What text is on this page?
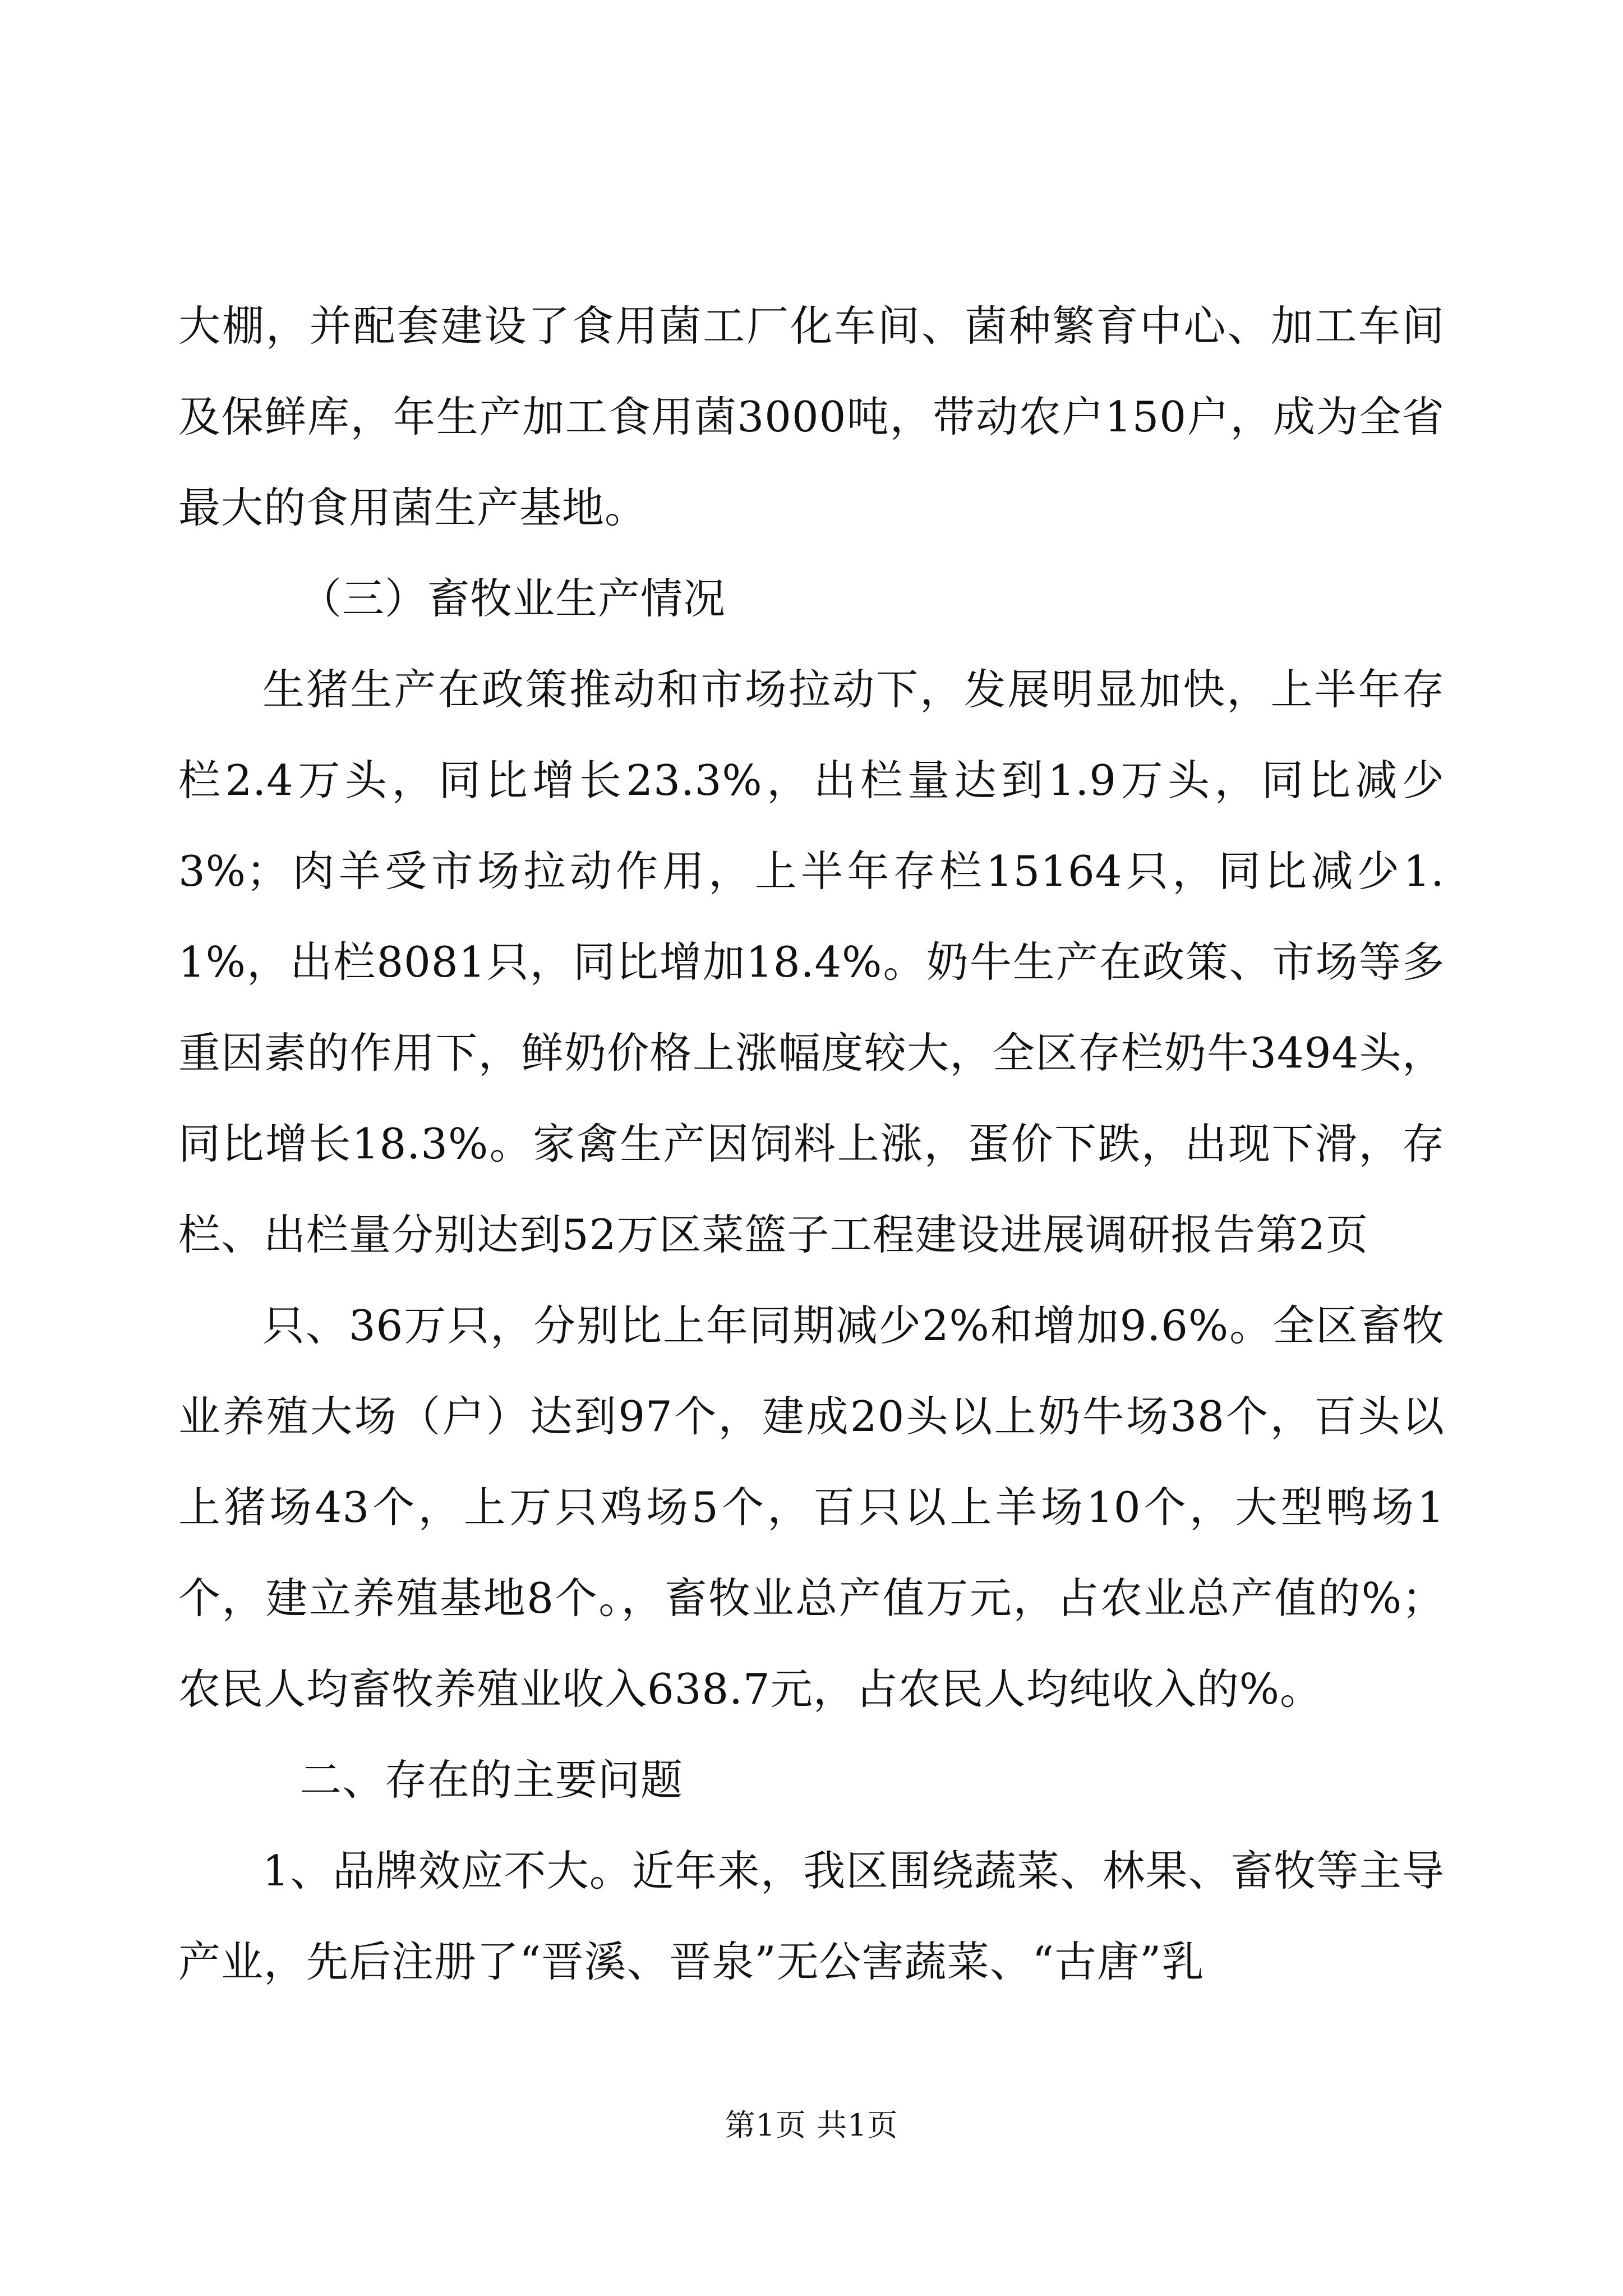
大棚，并配套建设了食用菌工厂化车间、菌种繁育中心、加工车间及保鲜库，年生产加工食用菌3000吨，带动农户150户，成为全省最大的食用菌生产基地。

（三）畜牧业生产情况

生猪生产在政策推动和市场拉动下，发展明显加快，上半年存栏2.4万头，同比增长23.3%，出栏量达到1.9万头，同比减少3%；肉羊受市场拉动作用，上半年存栏15164只，同比减少1.1%，出栏8081只，同比增加18.4%。奶牛生产在政策、市场等多重因素的作用下，鲜奶价格上涨幅度较大，全区存栏奶牛3494头，同比增长18.3%。家禽生产因饲料上涨，蛋价下跌，出现下滑，存栏、出栏量分别达到52万区菜篮子工程建设进展调研报告第2页

只、36万只，分别比上年同期减少2%和增加9.6%。全区畜牧业养殖大场（户）达到97个，建成20头以上奶牛场38个，百头以上猪场43个，上万只鸡场5个，百只以上羊场10个，大型鸭场1个，建立养殖基地8个。，畜牧业总产值万元，占农业总产值的%；农民人均畜牧养殖业收入638.7元，占农民人均纯收入的%。

二、存在的主要问题

1、品牌效应不大。近年来，我区围绕蔬菜、林果、畜牧等主导产业，先后注册了“晋溪、晋泉”无公害蔬菜、“古唐”乳

第1页 共1页
